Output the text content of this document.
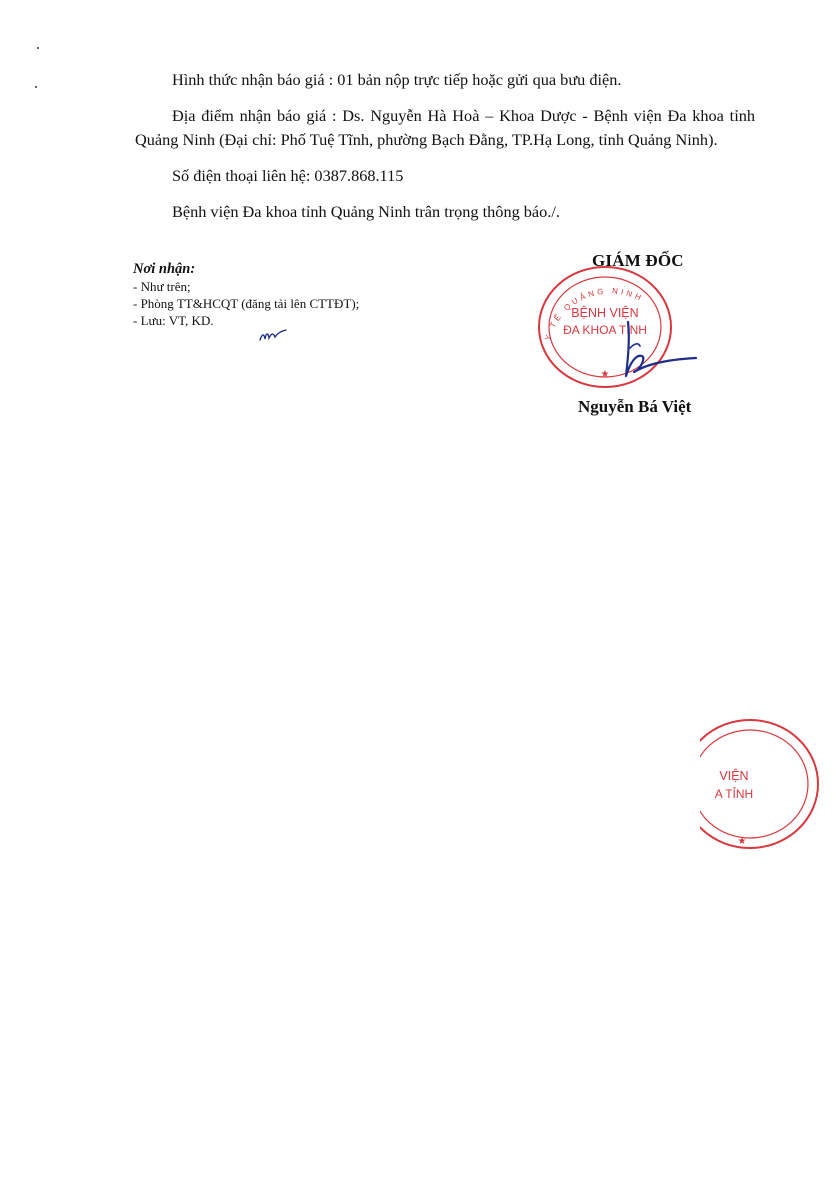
Hình thức nhận báo giá : 01 bản nộp trực tiếp hoặc gửi qua bưu điện.

Địa điểm nhận báo giá : Ds. Nguyễn Hà Hoà – Khoa Dược - Bệnh viện Đa khoa tỉnh Quảng Ninh (Đại chỉ: Phố Tuệ Tĩnh, phường Bạch Đằng, TP.Hạ Long, tỉnh Quảng Ninh).

Số điện thoại liên hệ: 0387.868.115

Bệnh viện Đa khoa tỉnh Quảng Ninh trân trọng thông báo./.

Nơi nhận:
- Như trên;
- Phòng TT&HCQT (đăng tải lên CTTĐT);
- Lưu: VT, KD.
GIÁM ĐỐC
Y TẾ QUẢNG NINH
BỆNH VIỆN
ĐA KHOA TỈNH
★
Nguyễn Bá Việt
VIỆN
A TỈNH
★
